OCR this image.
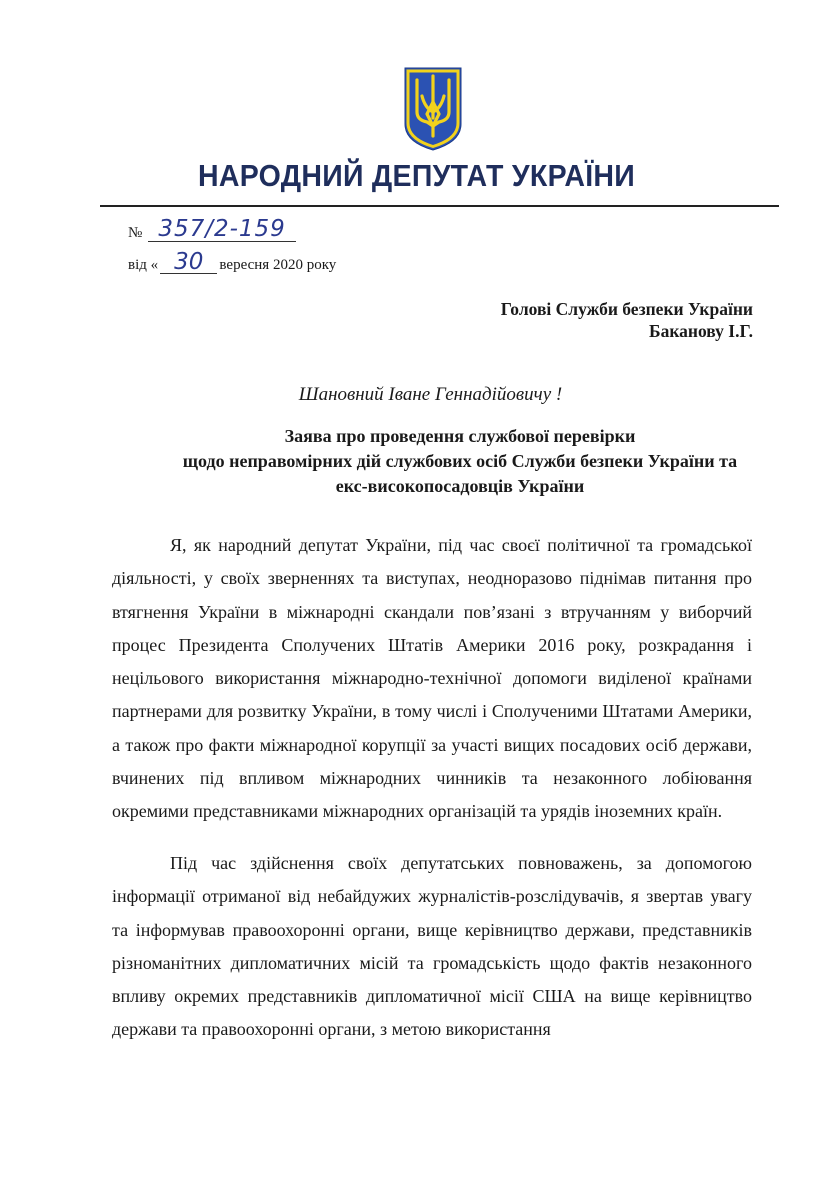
НАРОДНИЙ ДЕПУТАТ УКРАЇНИ
№ 357/2-159
від « 30	вересня 2020 року
Голові Служби безпеки України
Баканову І.Г.
Шановний Іване Геннадійовичу !
Заява про проведення службової перевірки
щодо неправомірних дій службових осіб Служби безпеки України та
екс-високопосадовців України
Я, як народний депутат України, під час своєї політичної та громадської діяльності, у своїх зверненнях та виступах, неодноразово піднімав питання про втягнення України в міжнародні скандали пов’язані з втручанням у виборчий процес Президента Сполучених Штатів Америки 2016 року, розкрадання і нецільового використання міжнародно-технічної допомоги виділеної країнами партнерами для розвитку України, в тому числі і Сполученими Штатами Америки, а також про факти міжнародної корупції за участі вищих посадових осіб держави, вчинених під впливом міжнародних чинників та незаконного лобіювання окремими представниками міжнародних організацій та урядів іноземних країн.
Під час здійснення своїх депутатських повноважень, за допомогою інформації отриманої від небайдужих журналістів-розслідувачів, я звертав увагу та інформував правоохоронні органи, вище керівництво держави, представників різноманітних дипломатичних місій та громадськість щодо фактів незаконного впливу окремих представників дипломатичної місії США на вище керівництво держави та правоохоронні органи, з метою використання
